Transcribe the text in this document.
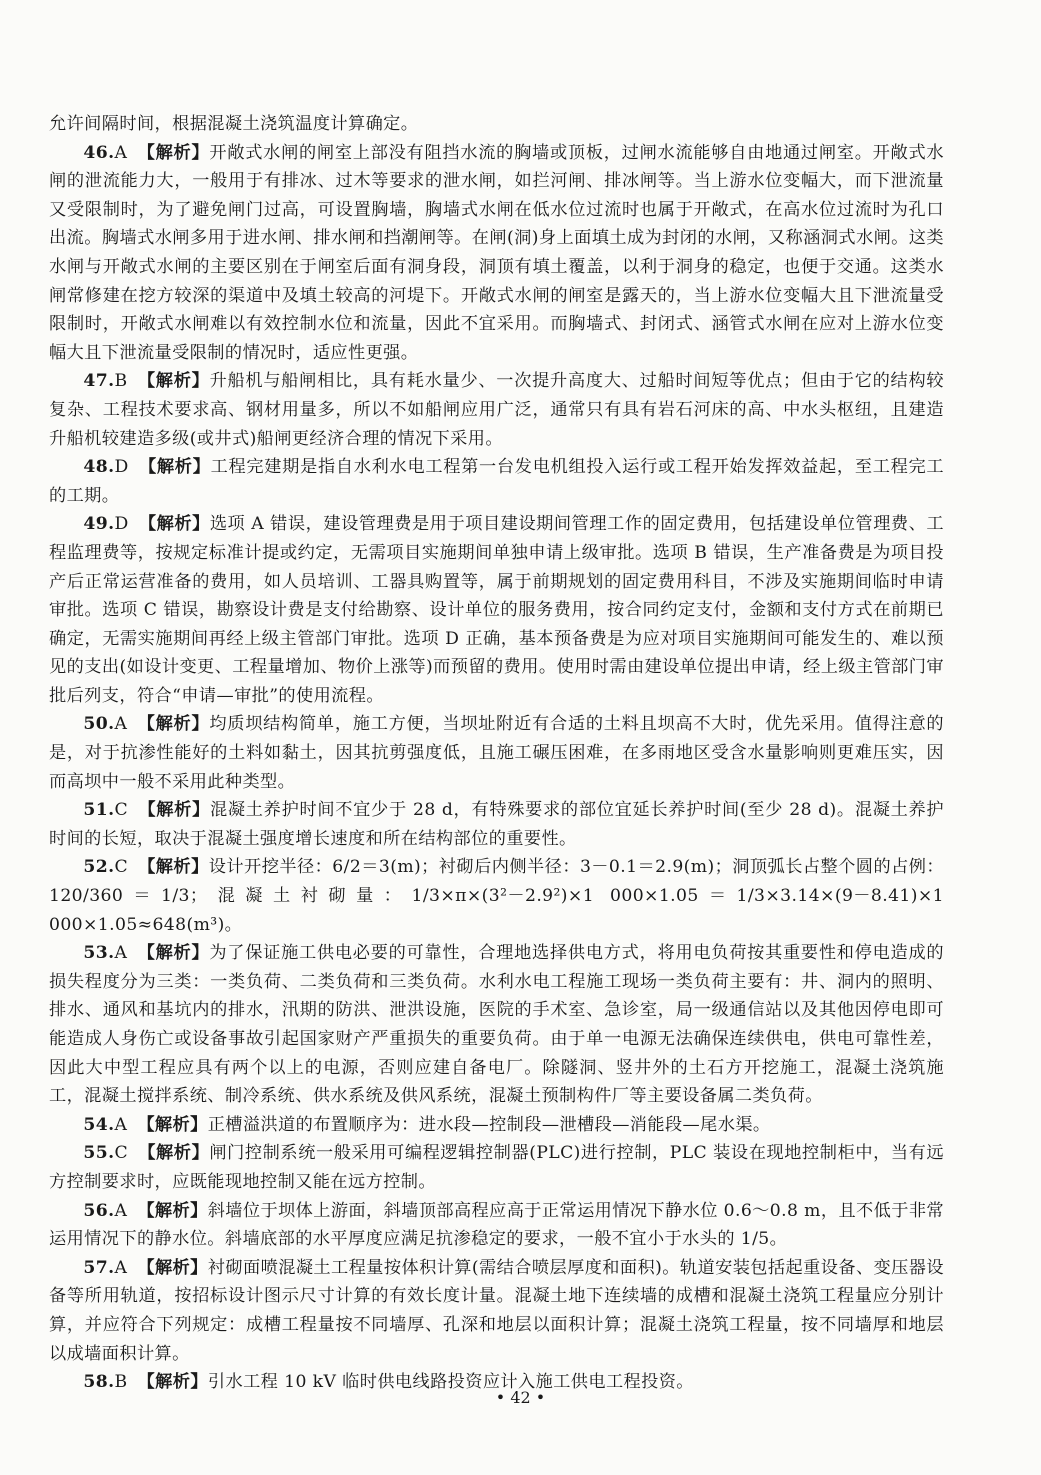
允许间隔时间，根据混凝土浇筑温度计算确定。

46.A 【解析】开敞式水闸的闸室上部没有阻挡水流的胸墙或顶板，过闸水流能够自由地通过闸室。开敞式水闸的泄流能力大，一般用于有排冰、过木等要求的泄水闸，如拦河闸、排冰闸等。当上游水位变幅大，而下泄流量又受限制时，为了避免闸门过高，可设置胸墙，胸墙式水闸在低水位过流时也属于开敞式，在高水位过流时为孔口出流。胸墙式水闸多用于进水闸、排水闸和挡潮闸等。在闸(洞)身上面填土成为封闭的水闸，又称涵洞式水闸。这类水闸与开敞式水闸的主要区别在于闸室后面有洞身段，洞顶有填土覆盖，以利于洞身的稳定，也便于交通。这类水闸常修建在挖方较深的渠道中及填土较高的河堤下。开敞式水闸的闸室是露天的，当上游水位变幅大且下泄流量受限制时，开敞式水闸难以有效控制水位和流量，因此不宜采用。而胸墙式、封闭式、涵管式水闸在应对上游水位变幅大且下泄流量受限制的情况时，适应性更强。

47.B 【解析】升船机与船闸相比，具有耗水量少、一次提升高度大、过船时间短等优点；但由于它的结构较复杂、工程技术要求高、钢材用量多，所以不如船闸应用广泛，通常只有具有岩石河床的高、中水头枢纽，且建造升船机较建造多级(或井式)船闸更经济合理的情况下采用。

48.D 【解析】工程完建期是指自水利水电工程第一台发电机组投入运行或工程开始发挥效益起，至工程完工的工期。

49.D 【解析】选项 A 错误，建设管理费是用于项目建设期间管理工作的固定费用，包括建设单位管理费、工程监理费等，按规定标准计提或约定，无需项目实施期间单独申请上级审批。选项 B 错误，生产准备费是为项目投产后正常运营准备的费用，如人员培训、工器具购置等，属于前期规划的固定费用科目，不涉及实施期间临时申请审批。选项 C 错误，勘察设计费是支付给勘察、设计单位的服务费用，按合同约定支付，金额和支付方式在前期已确定，无需实施期间再经上级主管部门审批。选项 D 正确，基本预备费是为应对项目实施期间可能发生的、难以预见的支出(如设计变更、工程量增加、物价上涨等)而预留的费用。使用时需由建设单位提出申请，经上级主管部门审批后列支，符合“申请—审批”的使用流程。

50.A 【解析】均质坝结构简单，施工方便，当坝址附近有合适的土料且坝高不大时，优先采用。值得注意的是，对于抗渗性能好的土料如黏土，因其抗剪强度低，且施工碾压困难，在多雨地区受含水量影响则更难压实，因而高坝中一般不采用此种类型。

51.C 【解析】混凝土养护时间不宜少于 28 d，有特殊要求的部位宜延长养护时间(至少 28 d)。混凝土养护时间的长短，取决于混凝土强度增长速度和所在结构部位的重要性。

52.C 【解析】设计开挖半径：6/2＝3(m)；衬砌后内侧半径：3－0.1＝2.9(m)；洞顶弧长占整个圆的占例：120/360＝1/3；混凝土衬砌量：1/3×π×(3²－2.9²)×1 000×1.05＝1/3×3.14×(9－8.41)×1 000×1.05≈648(m³)。

53.A 【解析】为了保证施工供电必要的可靠性，合理地选择供电方式，将用电负荷按其重要性和停电造成的损失程度分为三类：一类负荷、二类负荷和三类负荷。水利水电工程施工现场一类负荷主要有：井、洞内的照明、排水、通风和基坑内的排水，汛期的防洪、泄洪设施，医院的手术室、急诊室，局一级通信站以及其他因停电即可能造成人身伤亡或设备事故引起国家财产严重损失的重要负荷。由于单一电源无法确保连续供电，供电可靠性差，因此大中型工程应具有两个以上的电源，否则应建自备电厂。除隧洞、竖井外的土石方开挖施工，混凝土浇筑施工，混凝土搅拌系统、制冷系统、供水系统及供风系统，混凝土预制构件厂等主要设备属二类负荷。

54.A 【解析】正槽溢洪道的布置顺序为：进水段—控制段—泄槽段—消能段—尾水渠。

55.C 【解析】闸门控制系统一般采用可编程逻辑控制器(PLC)进行控制，PLC 装设在现地控制柜中，当有远方控制要求时，应既能现地控制又能在远方控制。

56.A 【解析】斜墙位于坝体上游面，斜墙顶部高程应高于正常运用情况下静水位 0.6～0.8 m，且不低于非常运用情况下的静水位。斜墙底部的水平厚度应满足抗渗稳定的要求，一般不宜小于水头的 1/5。

57.A 【解析】衬砌面喷混凝土工程量按体积计算(需结合喷层厚度和面积)。轨道安装包括起重设备、变压器设备等所用轨道，按招标设计图示尺寸计算的有效长度计量。混凝土地下连续墙的成槽和混凝土浇筑工程量应分别计算，并应符合下列规定：成槽工程量按不同墙厚、孔深和地层以面积计算；混凝土浇筑工程量，按不同墙厚和地层以成墙面积计算。

58.B 【解析】引水工程 10 kV 临时供电线路投资应计入施工供电工程投资。

• 42 •
